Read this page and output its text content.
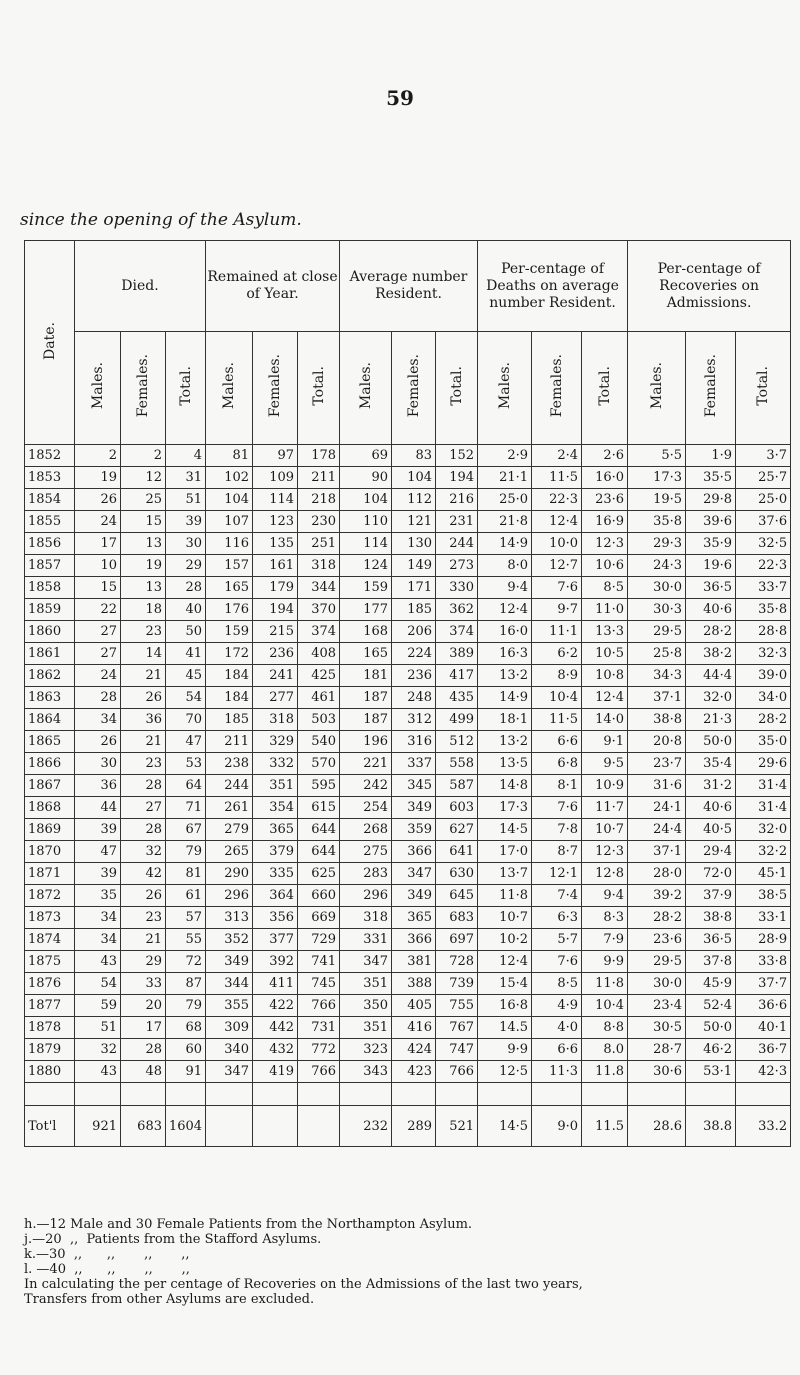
59
since the opening of the Asylum.
Date.	Died.			Remained at close of Year.			Average number Resident.			Per-centage of Deaths on average number Resident.			Per-centage of Recoveries on Admissions.		
	Males.	Females.	Total.	Males.	Females.	Total.	Males.	Females.	Total.	Males.	Females.	Total.	Males.	Females.	Total.
1852	2	2	4	81	97	178	69	83	152	2·9	2·4	2·6	5·5	1·9	3·7
1853	19	12	31	102	109	211	90	104	194	21·1	11·5	16·0	17·3	35·5	25·7
1854	26	25	51	104	114	218	104	112	216	25·0	22·3	23·6	19·5	29·8	25·0
1855	24	15	39	107	123	230	110	121	231	21·8	12·4	16·9	35·8	39·6	37·6
1856	17	13	30	116	135	251	114	130	244	14·9	10·0	12·3	29·3	35·9	32·5
1857	10	19	29	157	161	318	124	149	273	8·0	12·7	10·6	24·3	19·6	22·3
1858	15	13	28	165	179	344	159	171	330	9·4	7·6	8·5	30·0	36·5	33·7
1859	22	18	40	176	194	370	177	185	362	12·4	9·7	11·0	30·3	40·6	35·8
1860	27	23	50	159	215	374	168	206	374	16·0	11·1	13·3	29·5	28·2	28·8
1861	27	14	41	172	236	408	165	224	389	16·3	6·2	10·5	25·8	38·2	32·3
1862	24	21	45	184	241	425	181	236	417	13·2	8·9	10·8	34·3	44·4	39·0
1863	28	26	54	184	277	461	187	248	435	14·9	10·4	12·4	37·1	32·0	34·0
1864	34	36	70	185	318	503	187	312	499	18·1	11·5	14·0	38·8	21·3	28·2
1865	26	21	47	211	329	540	196	316	512	13·2	6·6	9·1	20·8	50·0	35·0
1866	30	23	53	238	332	570	221	337	558	13·5	6·8	9·5	23·7	35·4	29·6
1867	36	28	64	244	351	595	242	345	587	14·8	8·1	10·9	31·6	31·2	31·4
1868	44	27	71	261	354	615	254	349	603	17·3	7·6	11·7	24·1	40·6	31·4
1869	39	28	67	279	365	644	268	359	627	14·5	7·8	10·7	24·4	40·5	32·0
1870	47	32	79	265	379	644	275	366	641	17·0	8·7	12·3	37·1	29·4	32·2
1871	39	42	81	290	335	625	283	347	630	13·7	12·1	12·8	28·0	72·0	45·1
1872	35	26	61	296	364	660	296	349	645	11·8	7·4	9·4	39·2	37·9	38·5
1873	34	23	57	313	356	669	318	365	683	10·7	6·3	8·3	28·2	38·8	33·1
1874	34	21	55	352	377	729	331	366	697	10·2	5·7	7·9	23·6	36·5	28·9
1875	43	29	72	349	392	741	347	381	728	12·4	7·6	9·9	29·5	37·8	33·8
1876	54	33	87	344	411	745	351	388	739	15·4	8·5	11·8	30·0	45·9	37·7
1877	59	20	79	355	422	766	350	405	755	16·8	4·9	10·4	23·4	52·4	36·6
1878	51	17	68	309	442	731	351	416	767	14.5	4·0	8·8	30·5	50·0	40·1
1879	32	28	60	340	432	772	323	424	747	9·9	6·6	8.0	28·7	46·2	36·7
1880	43	48	91	347	419	766	343	423	766	12·5	11·3	11.8	30·6	53·1	42·3

Tot'l	921	683	1604				232	289	521	14·5	9·0	11.5	28.6	38.8	33.2
h.—12 Male and 30 Female Patients from the Northampton Asylum.
j.—20  ,,  Patients from the Stafford Asylums.
k.—30  ,,      ,,       ,,       ,,
l. —40  ,,      ,,       ,,       ,,
In calculating the per centage of Recoveries on the Admissions of the last two years,
Transfers from other Asylums are excluded.
